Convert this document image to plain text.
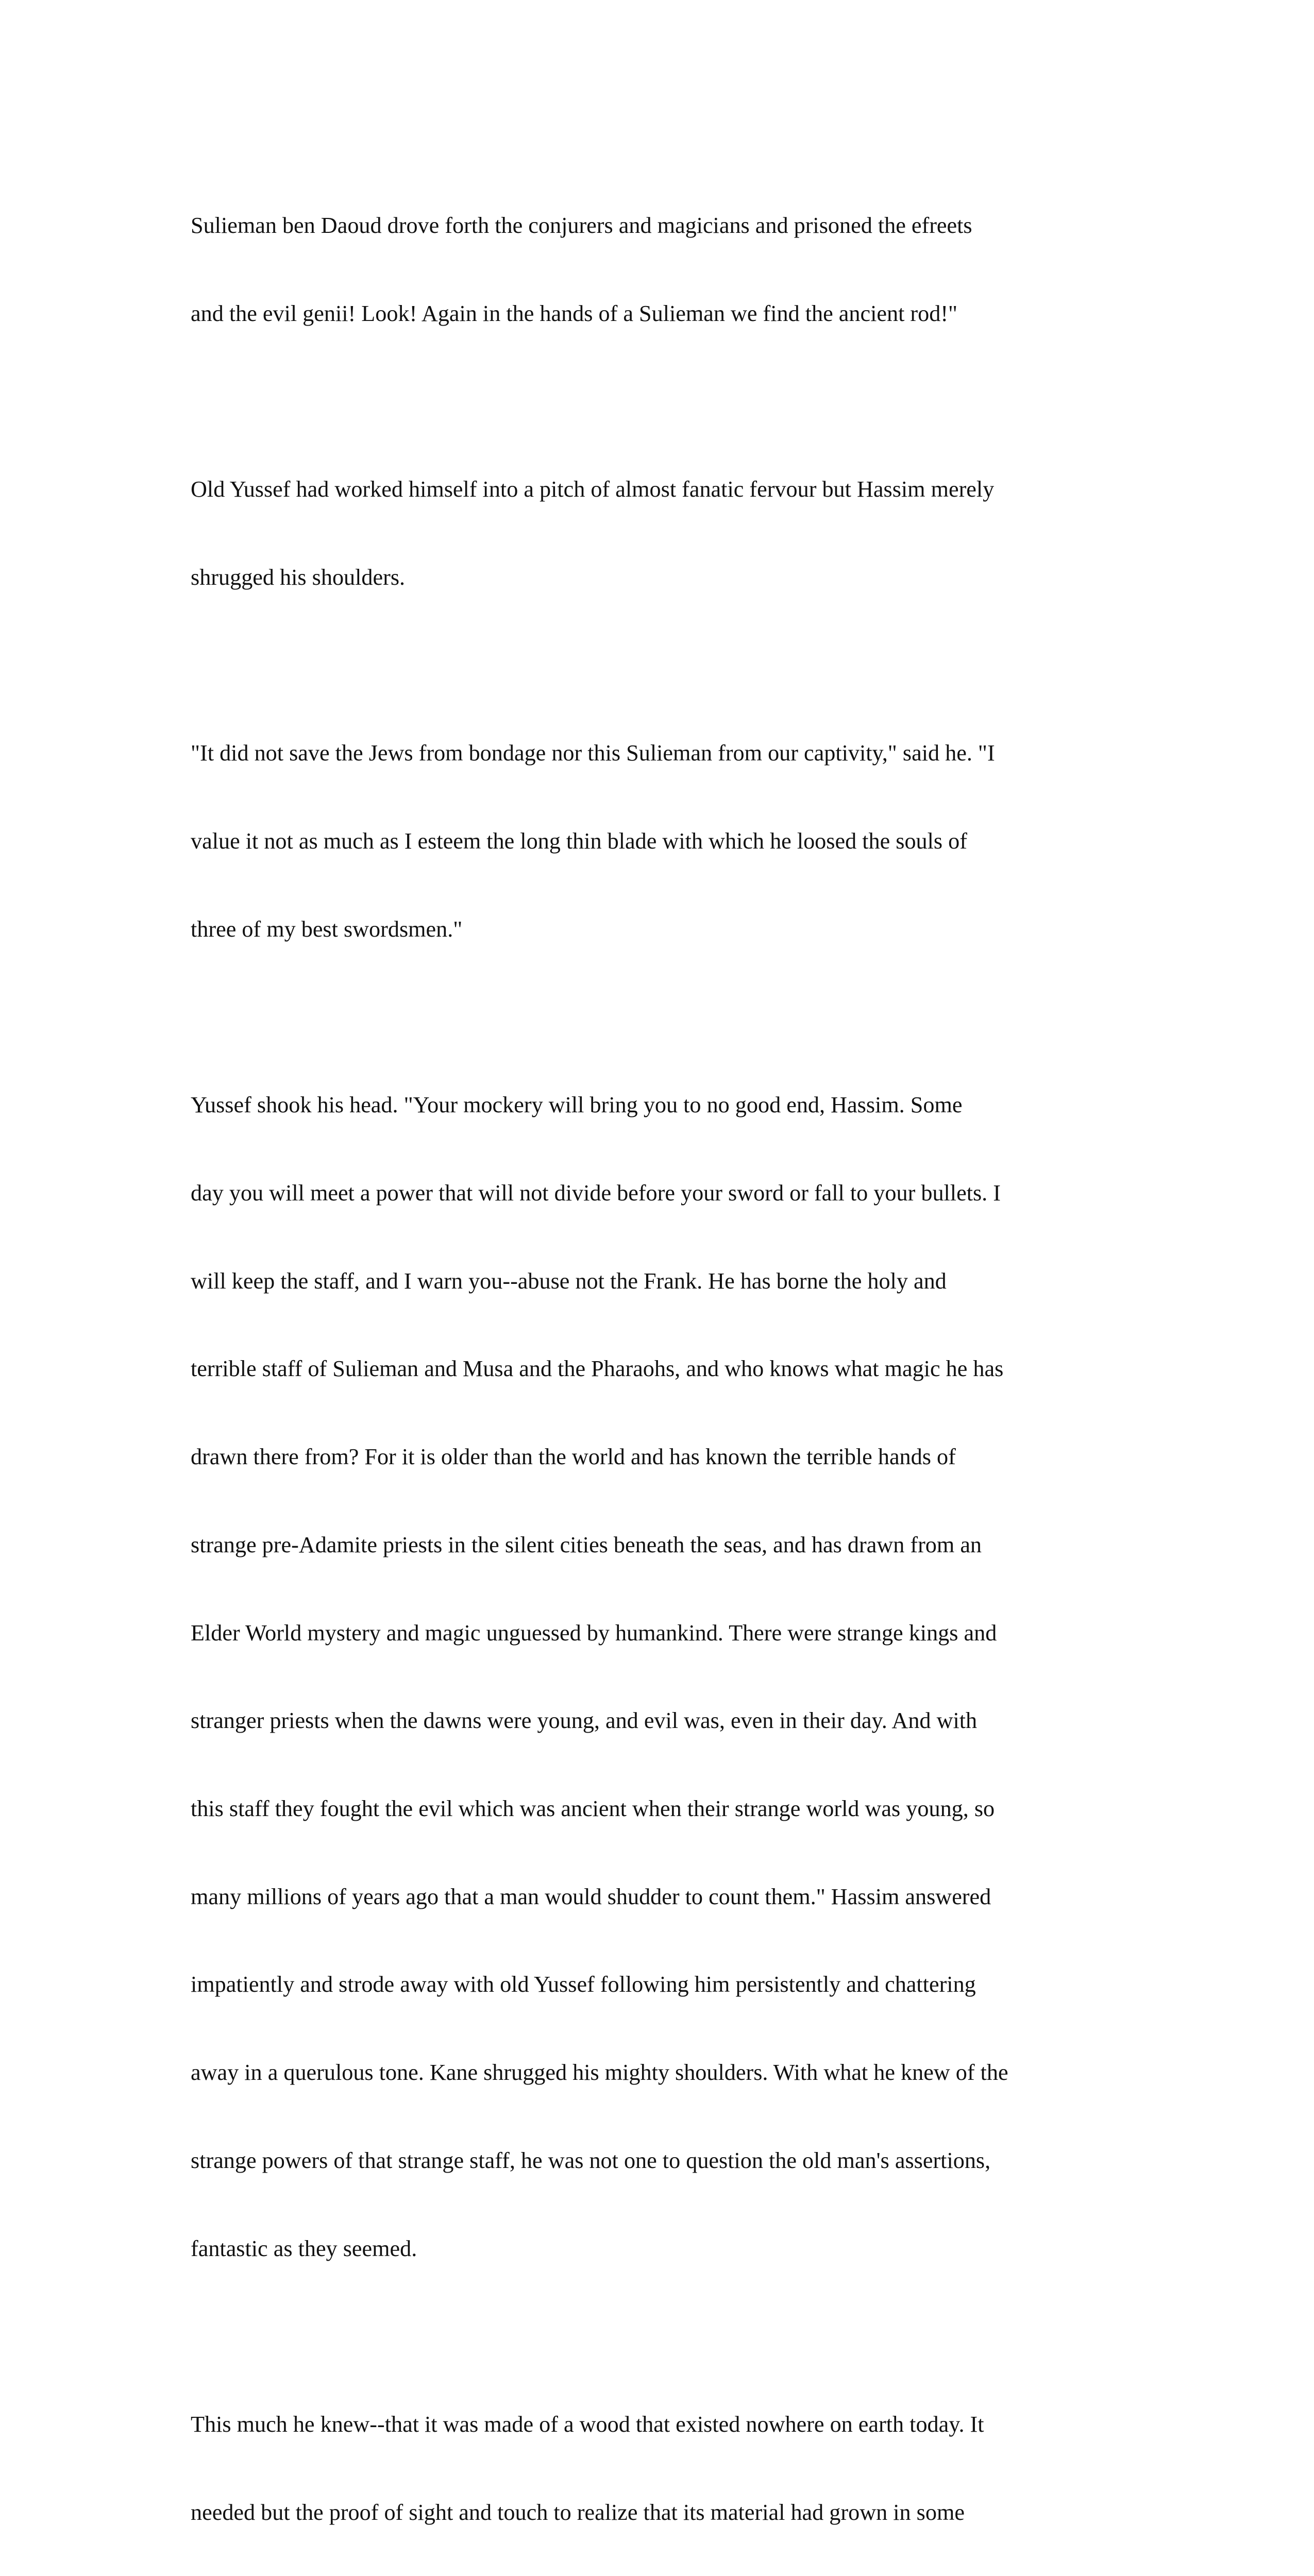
Sulieman ben Daoud drove forth the conjurers and magicians and prisoned the efreets

and the evil genii! Look! Again in the hands of a Sulieman we find the ancient rod!"

Old Yussef had worked himself into a pitch of almost fanatic fervour but Hassim merely

shrugged his shoulders.

"It did not save the Jews from bondage nor this Sulieman from our captivity," said he. "I

value it not as much as I esteem the long thin blade with which he loosed the souls of

three of my best swordsmen."

Yussef shook his head. "Your mockery will bring you to no good end, Hassim. Some

day you will meet a power that will not divide before your sword or fall to your bullets. I

will keep the staff, and I warn you--abuse not the Frank. He has borne the holy and

terrible staff of Sulieman and Musa and the Pharaohs, and who knows what magic he has

drawn there from? For it is older than the world and has known the terrible hands of

strange pre-Adamite priests in the silent cities beneath the seas, and has drawn from an

Elder World mystery and magic unguessed by humankind. There were strange kings and

stranger priests when the dawns were young, and evil was, even in their day. And with

this staff they fought the evil which was ancient when their strange world was young, so

many millions of years ago that a man would shudder to count them." Hassim answered

impatiently and strode away with old Yussef following him persistently and chattering

away in a querulous tone. Kane shrugged his mighty shoulders. With what he knew of the

strange powers of that strange staff, he was not one to question the old man's assertions,

fantastic as they seemed.

This much he knew--that it was made of a wood that existed nowhere on earth today. It

needed but the proof of sight and touch to realize that its material had grown in some
